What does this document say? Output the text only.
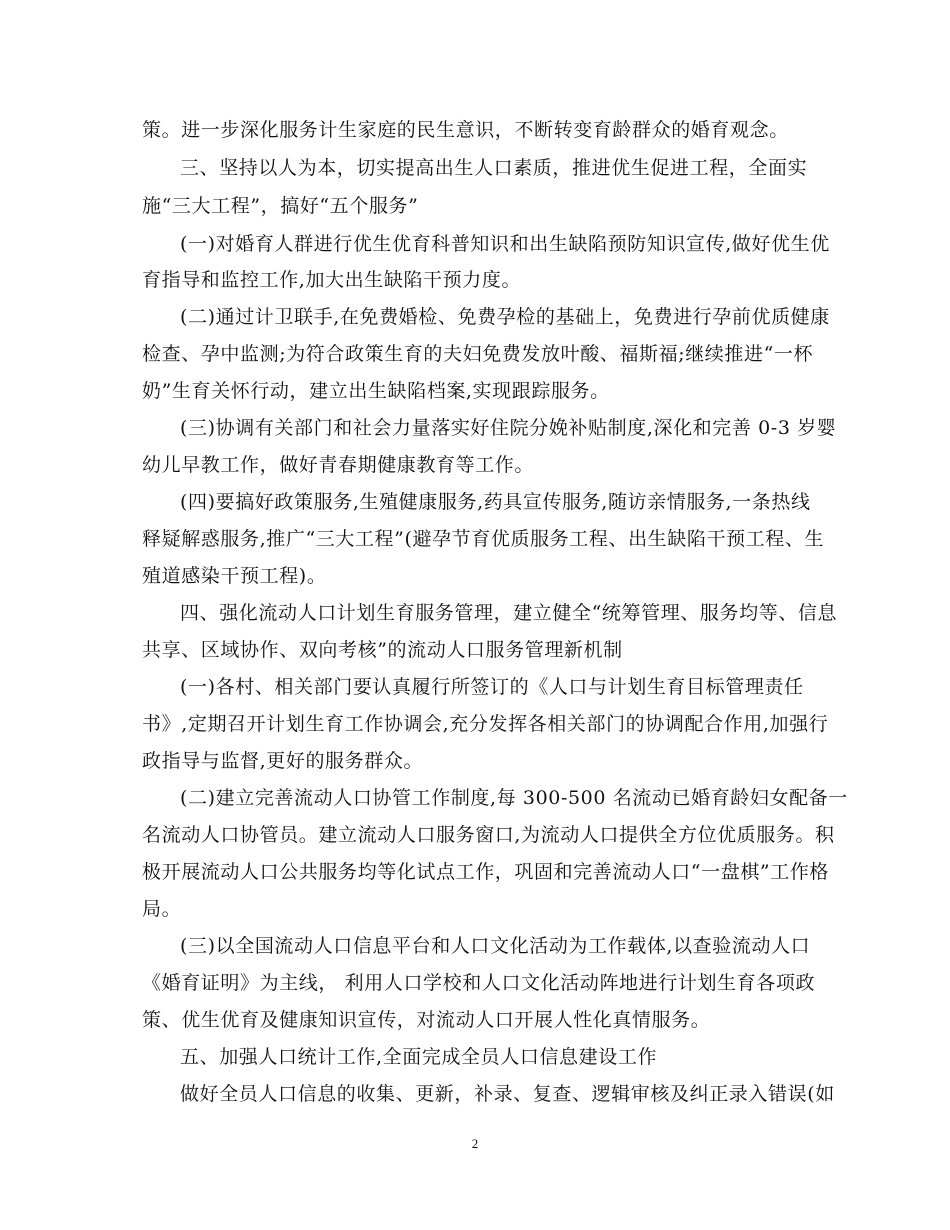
策。进一步深化服务计生家庭的民生意识，不断转变育龄群众的婚育观念。
三、坚持以人为本，切实提高出生人口素质，推进优生促进工程，全面实
施“三大工程”，搞好“五个服务”
(一)对婚育人群进行优生优育科普知识和出生缺陷预防知识宣传,做好优生优
育指导和监控工作,加大出生缺陷干预力度。
(二)通过计卫联手,在免费婚检、免费孕检的基础上，免费进行孕前优质健康
检查、孕中监测;为符合政策生育的夫妇免费发放叶酸、福斯福;继续推进“一杯
奶”生育关怀行动，建立出生缺陷档案,实现跟踪服务。
(三)协调有关部门和社会力量落实好住院分娩补贴制度,深化和完善 0-3 岁婴
幼儿早教工作，做好青春期健康教育等工作。
(四)要搞好政策服务,生殖健康服务,药具宣传服务,随访亲情服务,一条热线
释疑解惑服务,推广“三大工程”(避孕节育优质服务工程、出生缺陷干预工程、生
殖道感染干预工程)。
四、强化流动人口计划生育服务管理，建立健全“统筹管理、服务均等、信息
共享、区域协作、双向考核”的流动人口服务管理新机制
(一)各村、相关部门要认真履行所签订的《人口与计划生育目标管理责任
书》,定期召开计划生育工作协调会,充分发挥各相关部门的协调配合作用,加强行
政指导与监督,更好的服务群众。
(二)建立完善流动人口协管工作制度,每 300-500 名流动已婚育龄妇女配备一
名流动人口协管员。建立流动人口服务窗口,为流动人口提供全方位优质服务。积
极开展流动人口公共服务均等化试点工作，巩固和完善流动人口“一盘棋”工作格
局。
(三)以全国流动人口信息平台和人口文化活动为工作载体,以查验流动人口
《婚育证明》为主线， 利用人口学校和人口文化活动阵地进行计划生育各项政
策、优生优育及健康知识宣传，对流动人口开展人性化真情服务。
五、加强人口统计工作,全面完成全员人口信息建设工作
做好全员人口信息的收集、更新，补录、复查、逻辑审核及纠正录入错误(如
2
